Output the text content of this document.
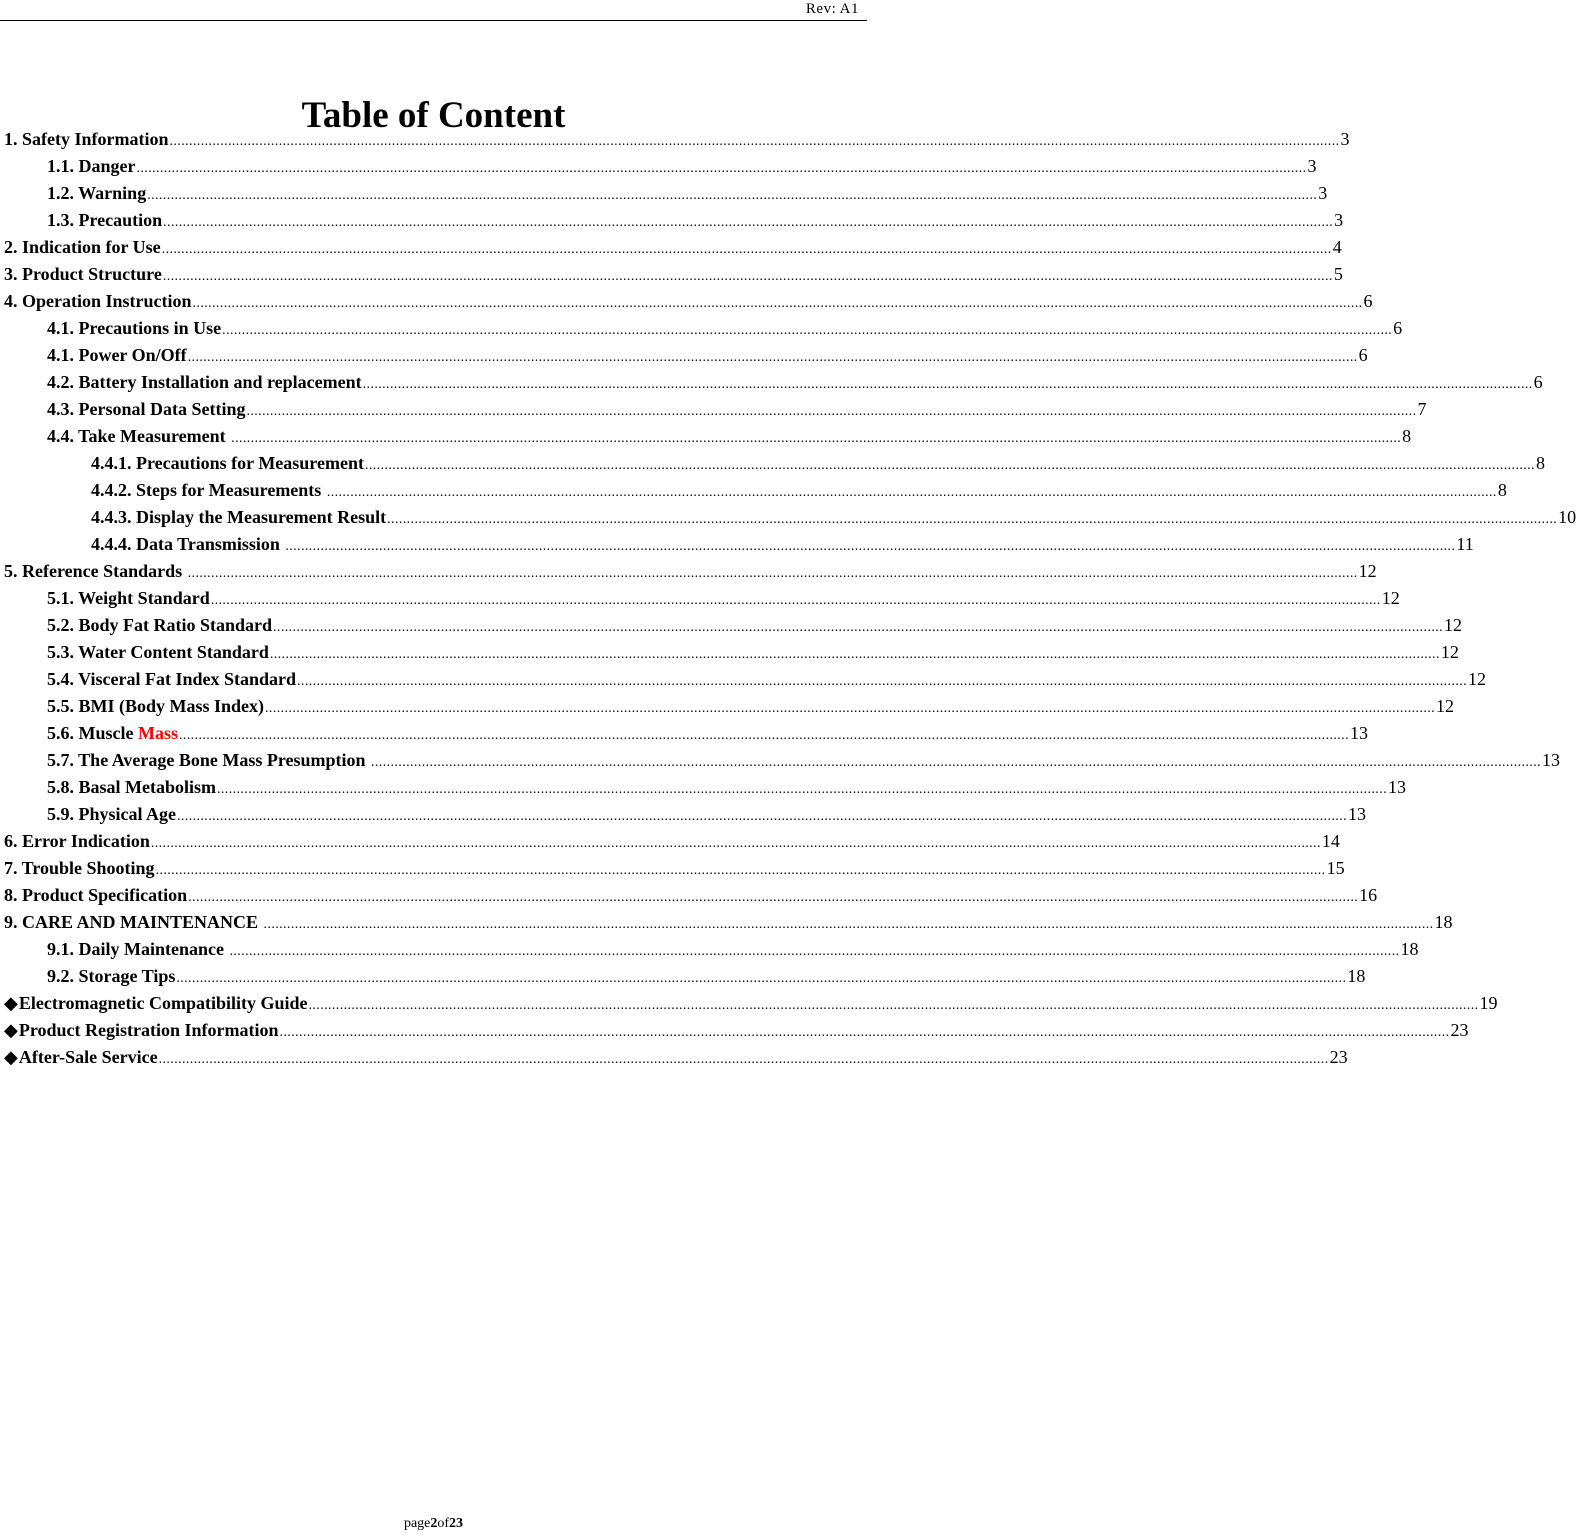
Rev: A1
Table of Content
1. Safety Information ............................................................................................................................................................................................................................................................................................................ 3
1.1. Danger ............................................................................................................................................................................................................................................................................................................ 3
1.2. Warning ............................................................................................................................................................................................................................................................................................................ 3
1.3. Precaution ............................................................................................................................................................................................................................................................................................................ 3
2. Indication for Use ............................................................................................................................................................................................................................................................................................................ 4
3. Product Structure ............................................................................................................................................................................................................................................................................................................ 5
4. Operation Instruction ............................................................................................................................................................................................................................................................................................................ 6
4.1. Precautions in Use ............................................................................................................................................................................................................................................................................................................ 6
4.1. Power On/Off ............................................................................................................................................................................................................................................................................................................ 6
4.2. Battery Installation and replacement ............................................................................................................................................................................................................................................................................................................ 6
4.3. Personal Data Setting ............................................................................................................................................................................................................................................................................................................ 7
4.4. Take Measurement ............................................................................................................................................................................................................................................................................................................ 8
4.4.1. Precautions for Measurement ............................................................................................................................................................................................................................................................................................................ 8
4.4.2. Steps for Measurements ............................................................................................................................................................................................................................................................................................................ 8
4.4.3. Display the Measurement Result ............................................................................................................................................................................................................................................................................................................ 10
4.4.4. Data Transmission ............................................................................................................................................................................................................................................................................................................ 11
5. Reference Standards ............................................................................................................................................................................................................................................................................................................ 12
5.1. Weight Standard ............................................................................................................................................................................................................................................................................................................ 12
5.2. Body Fat Ratio Standard ............................................................................................................................................................................................................................................................................................................ 12
5.3. Water Content Standard ............................................................................................................................................................................................................................................................................................................ 12
5.4. Visceral Fat Index Standard ............................................................................................................................................................................................................................................................................................................ 12
5.5. BMI (Body Mass Index) ............................................................................................................................................................................................................................................................................................................ 12
5.6. Muscle Mass ............................................................................................................................................................................................................................................................................................................ 13
5.7. The Average Bone Mass Presumption ............................................................................................................................................................................................................................................................................................................ 13
5.8. Basal Metabolism ............................................................................................................................................................................................................................................................................................................ 13
5.9. Physical Age ............................................................................................................................................................................................................................................................................................................ 13
6. Error Indication ............................................................................................................................................................................................................................................................................................................ 14
7. Trouble Shooting ............................................................................................................................................................................................................................................................................................................ 15
8. Product Specification ............................................................................................................................................................................................................................................................................................................ 16
9. CARE AND MAINTENANCE ............................................................................................................................................................................................................................................................................................................ 18
9.1. Daily Maintenance ............................................................................................................................................................................................................................................................................................................ 18
9.2. Storage Tips ............................................................................................................................................................................................................................................................................................................ 18
◆Electromagnetic Compatibility Guide ............................................................................................................................................................................................................................................................................................................ 19
◆Product Registration Information ............................................................................................................................................................................................................................................................................................................ 23
◆After-Sale Service ............................................................................................................................................................................................................................................................................................................ 23
page2of23
